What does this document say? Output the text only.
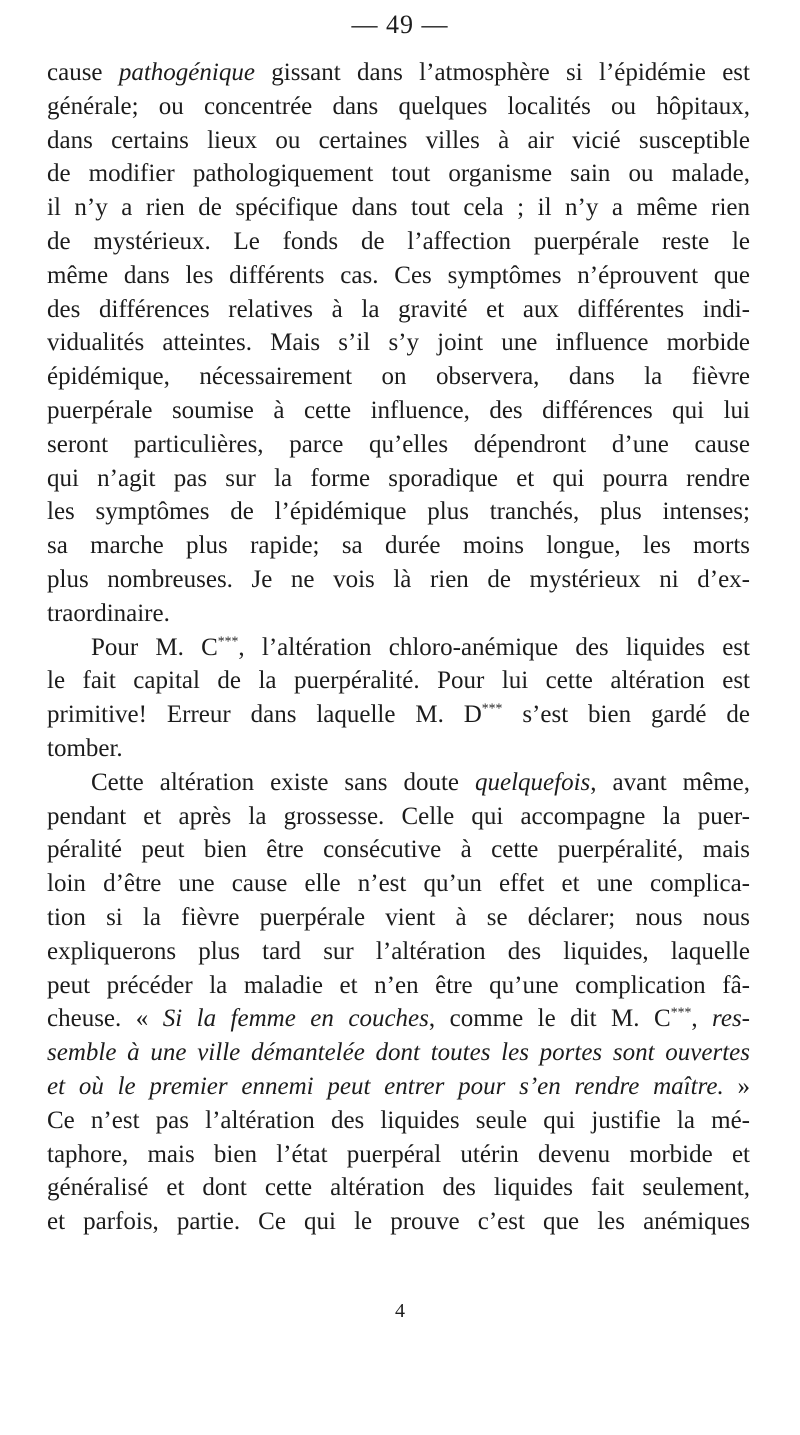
— 49 —
cause pathogénique gissant dans l’atmosphère si l’épidémie est
générale; ou concentrée dans quelques localités ou hôpitaux,
dans certains lieux ou certaines villes à air vicié susceptible
de modifier pathologiquement tout organisme sain ou malade,
il n’y a rien de spécifique dans tout cela ; il n’y a même rien
de mystérieux. Le fonds de l’affection puerpérale reste le
même dans les différents cas. Ces symptômes n’éprouvent que
des différences relatives à la gravité et aux différentes indi-
vidualités atteintes. Mais s’il s’y joint une influence morbide
épidémique, nécessairement on observera, dans la fièvre
puerpérale soumise à cette influence, des différences qui lui
seront particulières, parce qu’elles dépendront d’une cause
qui n’agit pas sur la forme sporadique et qui pourra rendre
les symptômes de l’épidémique plus tranchés, plus intenses;
sa marche plus rapide; sa durée moins longue, les morts
plus nombreuses. Je ne vois là rien de mystérieux ni d’ex-
traordinaire.
Pour M. C***, l’altération chloro-anémique des liquides est
le fait capital de la puerpéralité. Pour lui cette altération est
primitive! Erreur dans laquelle M. D*** s’est bien gardé de
tomber.
Cette altération existe sans doute quelquefois, avant même,
pendant et après la grossesse. Celle qui accompagne la puer-
péralité peut bien être consécutive à cette puerpéralité, mais
loin d’être une cause elle n’est qu’un effet et une complica-
tion si la fièvre puerpérale vient à se déclarer; nous nous
expliquerons plus tard sur l’altération des liquides, laquelle
peut précéder la maladie et n’en être qu’une complication fâ-
cheuse. « Si la femme en couches, comme le dit M. C***, res-
semble à une ville démantelée dont toutes les portes sont ouvertes
et où le premier ennemi peut entrer pour s’en rendre maître. »
Ce n’est pas l’altération des liquides seule qui justifie la mé-
taphore, mais bien l’état puerpéral utérin devenu morbide et
généralisé et dont cette altération des liquides fait seulement,
et parfois, partie. Ce qui le prouve c’est que les anémiques
4
